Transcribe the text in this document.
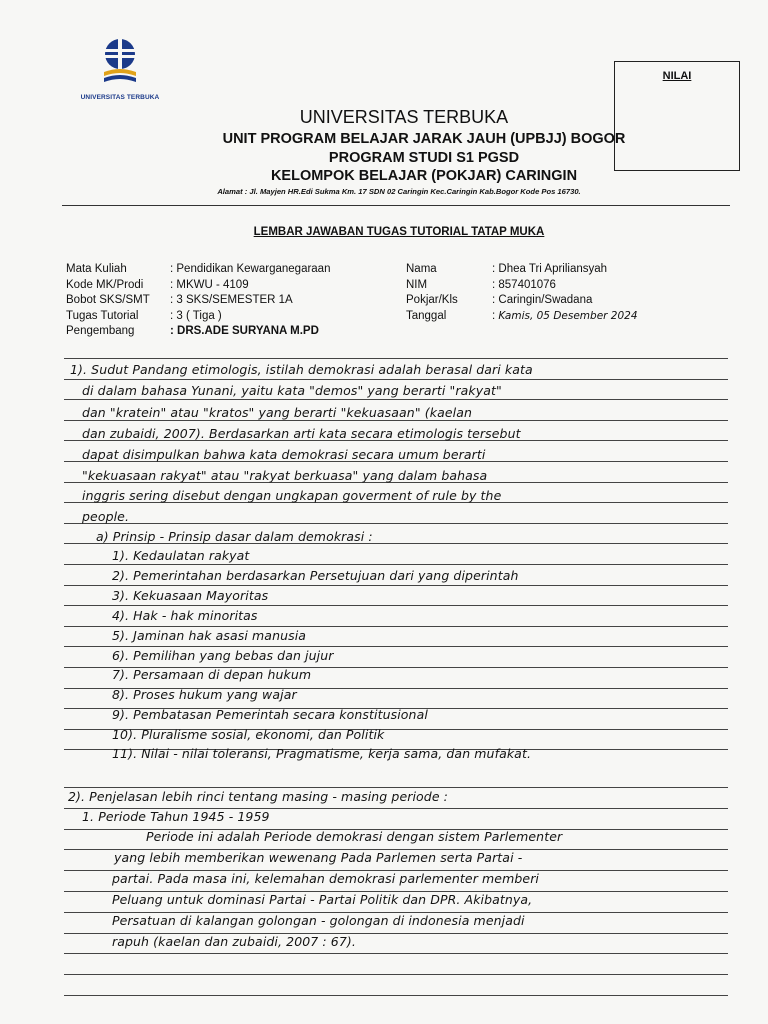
UNIVERSITAS TERBUKA
NILAI
UNIVERSITAS TERBUKA
UNIT PROGRAM BELAJAR JARAK JAUH (UPBJJ) BOGOR
PROGRAM STUDI S1 PGSD
KELOMPOK BELAJAR (POKJAR) CARINGIN
Alamat : Jl. Mayjen HR.Edi Sukma Km. 17 SDN 02 Caringin Kec.Caringin Kab.Bogor Kode Pos 16730.
LEMBAR JAWABAN TUGAS TUTORIAL TATAP MUKA
Mata Kuliah	: Pendidikan Kewarganegaraan
Kode MK/Prodi : MKWU - 4109
Bobot SKS/SMT : 3 SKS/SEMESTER 1A
Tugas Tutorial	: 3 ( Tiga )
Pengembang	: DRS.ADE SURYANA M.PD
Nama	: Dhea Tri Apriliansyah
NIM	: 857401076
Pokjar/Kls	: Caringin/Swadana
Tanggal	: Kamis, 05 Desember 2024
1). Sudut Pandang etimologis, istilah demokrasi adalah berasal dari kata
di dalam bahasa Yunani, yaitu kata "demos" yang berarti "rakyat"
dan "kratein" atau "kratos" yang berarti "kekuasaan" (kaelan
dan zubaidi, 2007). Berdasarkan arti kata secara etimologis tersebut
dapat disimpulkan bahwa kata demokrasi secara umum berarti
"kekuasaan rakyat" atau "rakyat berkuasa" yang dalam bahasa
inggris sering disebut dengan ungkapan goverment of rule by the
people.
a) Prinsip - Prinsip dasar dalam demokrasi :
1). Kedaulatan rakyat
2). Pemerintahan berdasarkan Persetujuan dari yang diperintah
3). Kekuasaan Mayoritas
4). Hak - hak minoritas
5). Jaminan hak asasi manusia
6). Pemilihan yang bebas dan jujur
7). Persamaan di depan hukum
8). Proses hukum yang wajar
9). Pembatasan Pemerintah secara konstitusional
10). Pluralisme sosial, ekonomi, dan Politik
11). Nilai - nilai toleransi, Pragmatisme, kerja sama, dan mufakat.
2). Penjelasan lebih rinci tentang masing - masing periode :
1. Periode Tahun 1945 - 1959
Periode ini adalah Periode demokrasi dengan sistem Parlementer
yang lebih memberikan wewenang Pada Parlemen serta Partai -
partai. Pada masa ini, kelemahan demokrasi parlementer memberi
Peluang untuk dominasi Partai - Partai Politik dan DPR. Akibatnya,
Persatuan di kalangan golongan - golongan di indonesia menjadi
rapuh (kaelan dan zubaidi, 2007 : 67).
